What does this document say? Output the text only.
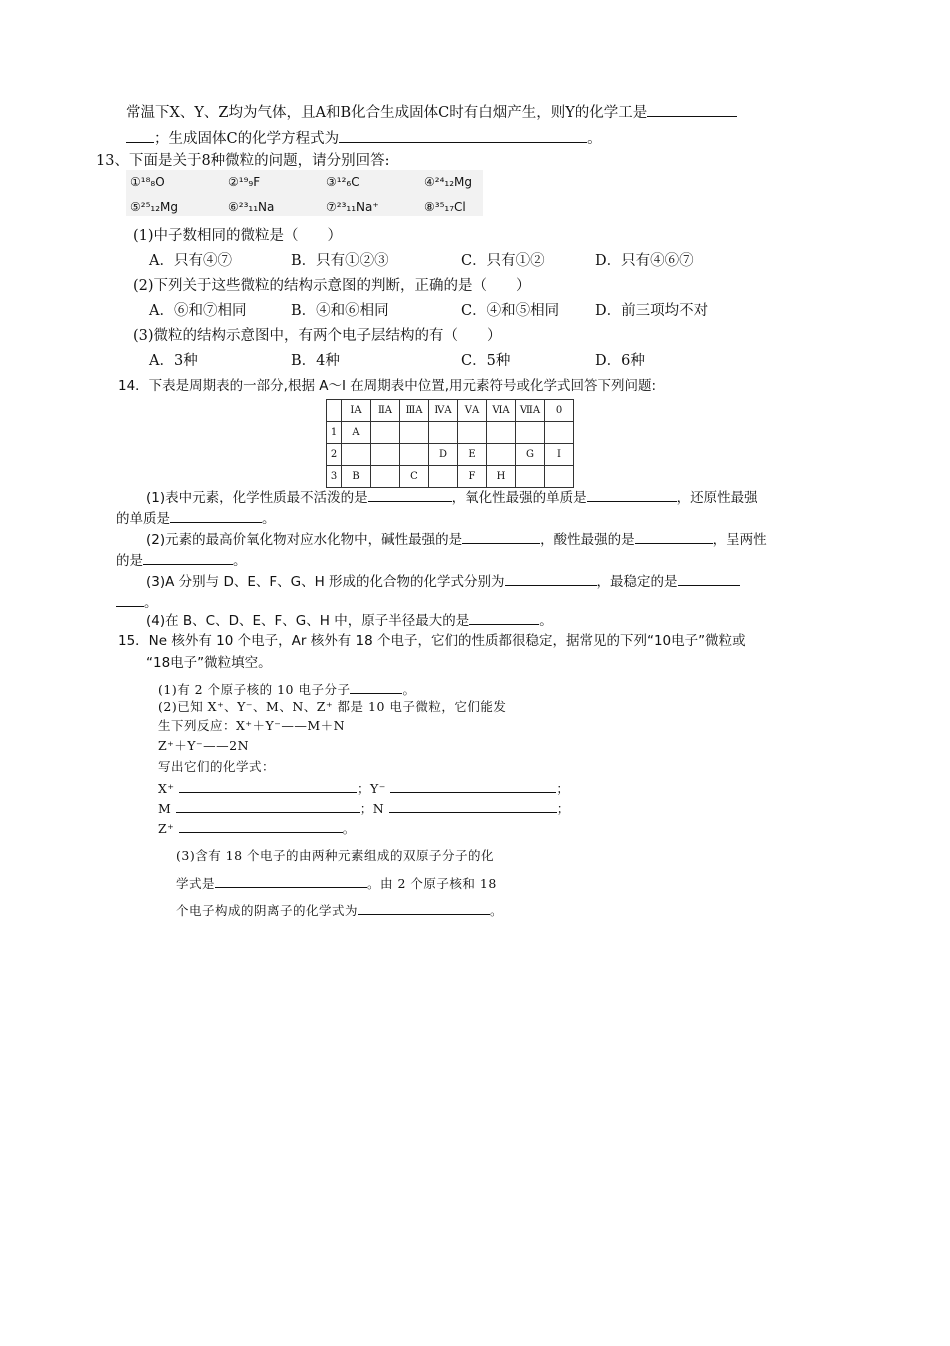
常温下X、Y、Z均为气体，且A和B化合生成固体C时有白烟产生，则Y的化学工是
；生成固体C的化学方程式为	。
13、下面是关于8种微粒的问题，请分别回答:
①¹⁸₈O	②¹⁹₉F	③¹²₆C	④²⁴₁₂Mg
⑤²⁵₁₂Mg	⑥²³₁₁Na	⑦²³₁₁Na⁺	⑧³⁵₁₇Cl
(1)中子数相同的微粒是（　　）
A．只有④⑦	B．只有①②③	C．只有①②	D．只有④⑥⑦
(2)下列关于这些微粒的结构示意图的判断，正确的是（　　）
A．⑥和⑦相同	B．④和⑥相同	C．④和⑤相同 D．前三项均不对
(3)微粒的结构示意图中，有两个电子层结构的有（　　）
A．3种	B．4种	C．5种	D．6种
14．下表是周期表的一部分,根据 A～I 在周期表中位置,用元素符号或化学式回答下列问题:
	ⅠA	ⅡA	ⅢA	ⅣA	ⅤA	ⅥA	ⅦA	0
1	A							
2				D	E		G	I
3	B		C		F	H		
(1)表中元素，化学性质最不活泼的是	，氧化性最强的单质是	，还原性最强
的单质是	。
(2)元素的最高价氧化物对应水化物中，碱性最强的是	，酸性最强的是	，呈两性
的是	。
(3)A 分别与 D、E、F、G、H 形成的化合物的化学式分别为	，最稳定的是
。
(4)在 B、C、D、E、F、G、H 中，原子半径最大的是	。
15．Ne 核外有 10 个电子，Ar 核外有 18 个电子，它们的性质都很稳定，据常见的下列“10电子”微粒或
“18电子”微粒填空。
(1)有 2 个原子核的 10 电子分子	。
(2)已知 X⁺、Y⁻、M、N、Z⁺ 都是 10 电子微粒，它们能发
生下列反应：X⁺＋Y⁻——M＋N
Z⁺＋Y⁻——2N
写出它们的化学式：
X⁺	；Y⁻	；
M	；N	；
Z⁺	。
(3)含有 18 个电子的由两种元素组成的双原子分子的化
学式是	。由 2 个原子核和 18
个电子构成的阴离子的化学式为	。
